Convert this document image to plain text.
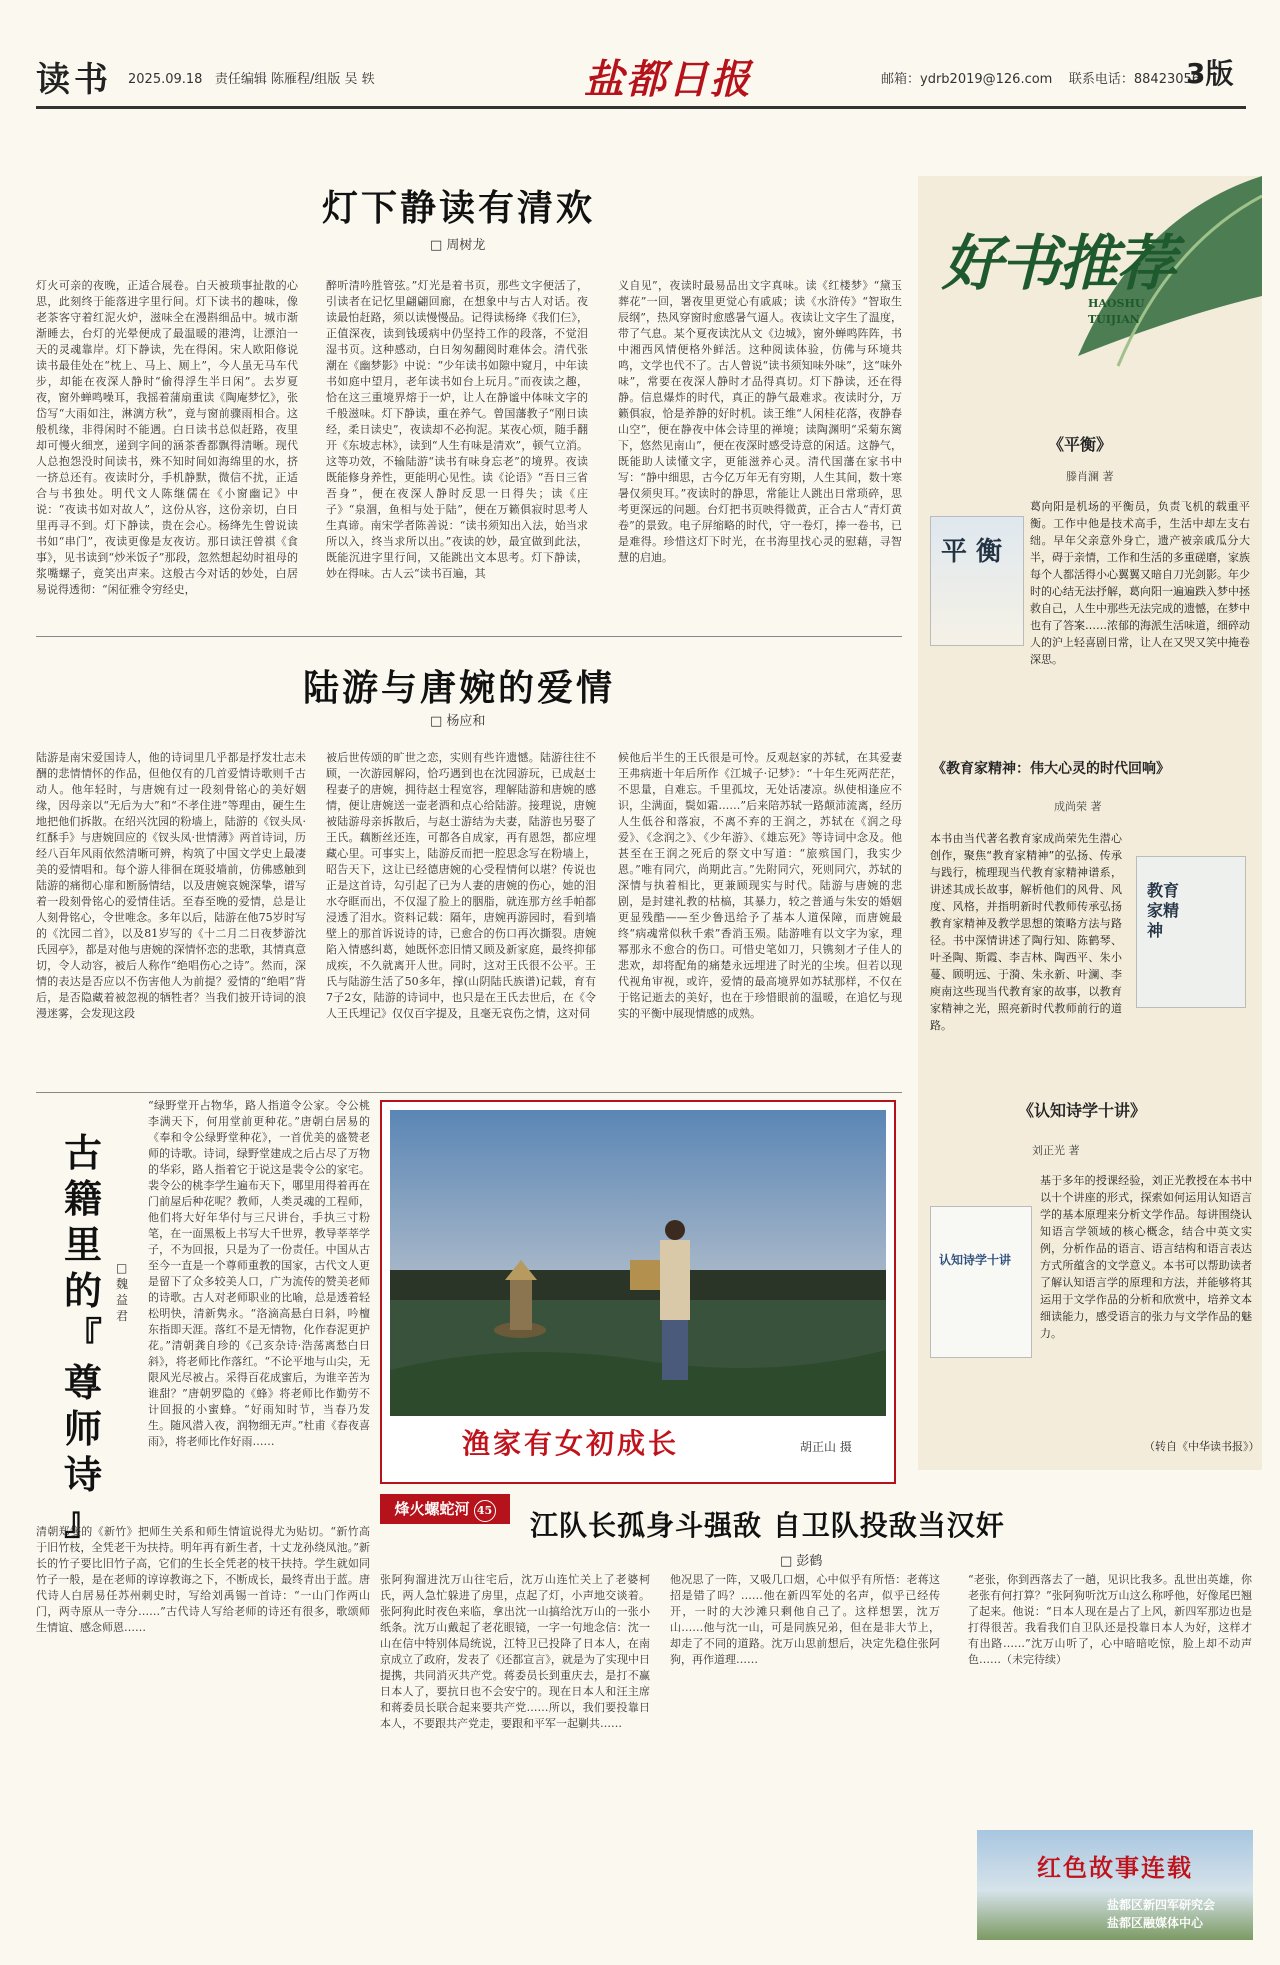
读书 2025.09.18 责任编辑 陈雁程/组版 吴 轶	盐都日报	邮箱：ydrb2019@126.com 联系电话：88423056
3版
灯下静读有清欢
□ 周树龙
灯火可亲的夜晚，正适合展卷。白天被琐事扯散的心思，此刻终于能落进字里行间。灯下读书的趣味，像老茶客守着红泥火炉，滋味全在漫斟细品中。城市渐渐睡去，台灯的光晕便成了最温暖的港湾，让漂泊一天的灵魂靠岸。灯下静读，先在得闲。宋人欧阳修说读书最佳处在“枕上、马上、厕上”，今人虽无马车代步，却能在夜深人静时“偷得浮生半日闲”。去岁夏夜，窗外蝉鸣噪耳，我摇着蒲扇重读《陶庵梦忆》，张岱写“大雨如注，淋漓方秋”，竟与窗前骤雨相合。这般机缘，非得闲时不能遇。白日读书总似赶路，夜里却可慢火细烹，递到字间的涵茶香都飘得清晰。现代人总抱怨没时间读书，殊不知时间如海绵里的水，挤一挤总还有。夜读时分，手机静默，微信不扰，正适合与书独处。明代文人陈继儒在《小窗幽记》中说：“夜读书如对故人”，这份从容，这份亲切，白日里再寻不到。灯下静读，贵在会心。杨绛先生曾说读书如“串门”，夜读更像是友夜访。那日读汪曾祺《食事》，见书读到“炒米饭子”那段，忽然想起幼时祖母的浆嘴螺子，竟笑出声来。这般古今对话的妙处，白居易说得透彻：“闲征雅令穷经史，
醉听清吟胜管弦。”灯光是着书页，那些文字便活了，引读者在记忆里翩翩回廊，在想象中与古人对话。夜读最怕赶路，须以读慢慢品。记得读杨绛《我们仨》，正值深夜，读到钱瑗病中仍坚持工作的段落，不觉泪湿书页。这种感动，白日匆匆翻阅时难体会。清代张潮在《幽梦影》中说：“少年读书如隙中窥月，中年读书如庭中望月，老年读书如台上玩月。”而夜读之趣，恰在这三重境界熔于一炉，让人在静谧中体味文字的千般滋味。灯下静读，重在养气。曾国藩教子“刚日读经，柔日读史”，夜读却不必拘泥。某夜心烦，随手翻开《东坡志林》，读到“人生有味是清欢”，顿气立消。这等功效，不输陆游“读书有味身忘老”的境界。夜读既能修身养性，更能明心见性。读《论语》“吾日三省吾身”，便在夜深人静时反思一日得失；读《庄子》“泉涸，鱼相与处于陆”，便在万籁俱寂时思考人生真谛。南宋学者陈善说：“读书须知出入法，始当求所以入，终当求所以出。”夜读的妙，最宜做到此法，既能沉进字里行间，又能跳出文本思考。灯下静读，妙在得味。古人云“读书百遍，其
义自见”，夜读时最易品出文字真味。读《红楼梦》“黛玉葬花”一回，署夜里更觉心有戚戚；读《水浒传》“智取生辰纲”，热风穿窗时愈感暑气逼人。夜读让文字生了温度，带了气息。某个夏夜读沈从文《边城》，窗外蝉鸣阵阵，书中湘西风情便格外鲜活。这种阅读体验，仿佛与环境共鸣，文学也代不了。古人曾说“读书须知味外味”，这“味外味”，常要在夜深人静时才品得真切。灯下静读，还在得静。信息爆炸的时代，真正的静气最难求。夜读时分，万籁俱寂，恰是养静的好时机。读王维“人闲桂花落，夜静春山空”，便在静夜中体会诗里的禅境；读陶渊明“采菊东篱下，悠然见南山”，便在夜深时感受诗意的闲适。这静气，既能助人读懂文字，更能滋养心灵。清代国藩在家书中写：“静中细思，古今亿万年无有穷期，人生其间，数十寒暑仅须臾耳。”夜读时的静思，常能让人跳出日常琐碎，思考更深远的问题。台灯把书页映得微黄，正合古人“青灯黄卷”的景致。电子屏缩略的时代，守一卷灯，捧一卷书，已是难得。珍惜这灯下时光，在书海里找心灵的慰藉，寻智慧的启迪。
陆游与唐婉的爱情
□ 杨应和
陆游是南宋爱国诗人，他的诗词里几乎都是抒发壮志未酬的悲情情怀的作品，但他仅有的几首爱情诗歌则千古动人。他年轻时，与唐婉有过一段刻骨铭心的美好姻缘，因母亲以“无后为大”和“不孝住进”等理由，硬生生地把他们拆散。在绍兴沈园的粉墙上，陆游的《钗头凤·红酥手》与唐婉回应的《钗头凤·世情薄》两首诗词，历经八百年风雨依然清晰可辨，构筑了中国文学史上最凄美的爱情唱和。每个游人徘徊在斑驳墙前，仿佛感触到陆游的痛彻心扉和断肠情结，以及唐婉哀婉深挚，谱写着一段刻骨铭心的爱情佳话。至春至晚的爱情，总是让人刻骨铭心，令世唯念。多年以后，陆游在他75岁时写的《沈园二首》，以及81岁写的《十二月二日夜梦游沈氏园亭》，都是对他与唐婉的深情怀恋的悲歌，其情真意切，令人动容，被后人称作“绝唱伤心之诗”。然而，深情的表达是否应以不伤害他人为前提？爱情的“绝唱”背后，是否隐藏着被忽视的牺牲者？当我们披开诗词的浪漫迷雾，会发现这段
被后世传颂的旷世之恋，实则有些许遗憾。陆游往往不顾，一次游园解闷，恰巧遇到也在沈园游玩，已成赵士程妻子的唐婉，拥待赵士程宽容，理解陆游和唐婉的感情，便让唐婉送一壶老酒和点心给陆游。接理说，唐婉被陆游母亲拆散后，与赵士游结为夫妻，陆游也另娶了王氏。藕断丝还连，可都各自成家，再有恩怨，都应埋藏心里。可事实上，陆游反而把一腔思念写在粉墙上，昭告天下，这让已经德唐婉的心受程情何以堪？传说也正是这首诗，勾引起了已为人妻的唐婉的伤心，她的泪水夺眶而出，不仅湿了脸上的胭脂，就连那方丝手帕都浸透了泪水。资料记载：隔年，唐婉再游园时，看到墙壁上的那首诉说诗的诗，已愈合的伤口再次撕裂。唐婉陷入情感纠葛，她既怀恋旧情又顾及新家庭，最终抑郁成疾，不久就离开人世。同时，这对王氏很不公平。王氏与陆游生活了50多年，撑(山阴陆氏族谱)记载，育有7子2女，陆游的诗词中，也只是在王氏去世后，在《令人王氏埋记》仅仅百字提及，且毫无哀伤之情，这对伺
候他后半生的王氏很是可怜。反观赵家的苏轼，在其爱妻王弗病逝十年后所作《江城子·记梦》：“十年生死两茫茫，不思量，自难忘。千里孤坟，无处话凄凉。纵使相逢应不识，尘满面，鬓如霜……”后来陪苏轼一路颠沛流离，经历人生低谷和落寂，不离不弃的王润之，苏轼在《润之母爱》、《念润之》、《少年游》、《雄忘死》等诗词中念及。他甚至在王润之死后的祭文中写道：“旅殡国门，我实少恩。”唯有同穴，尚期此言。”先附同穴，死则同穴，苏轼的深情与执着相比，更兼顾现实与时代。陆游与唐婉的悲剧，是封建礼教的枯槁，其暴力，较之普通与朱安的婚姻更显残酷——至少鲁迅给予了基本人道保障，而唐婉最终“病魂常似秋千索”香消玉殒。陆游唯有以文字为家，理幂那永不愈合的伤口。可惜史笔如刀，只镌刻才子佳人的悲欢，却将配角的痛楚永远埋进了时光的尘埃。但若以现代视角审视，或许，爱情的最高境界如苏轼那样，不仅在于铭记逝去的美好，也在于珍惜眼前的温暖，在追忆与现实的平衡中展现情感的成熟。
古
籍
里
的
『
尊
师
诗
』
□ 魏益君
“绿野堂开占物华，路人指道令公家。令公桃李满天下，何用堂前更种花。”唐朝白居易的《奉和令公绿野堂种花》，一首优美的盛赞老师的诗歌。诗词，绿野堂建成之后占尽了万物的华彩，路人指着它于说这是裴令公的家宅。裴令公的桃李学生遍布天下，哪里用得着再在门前屋后种花呢？教师，人类灵魂的工程师，他们将大好年华付与三尺讲台，手执三寸粉笔，在一面黑板上书写大千世界，教导莘莘学子，不为回报，只是为了一份责任。中国从古至今一直是一个尊师重教的国家，古代文人更是留下了众多较美人口，广为流传的赞美老师的诗歌。古人对老师职业的比喻，总是透着轻松明快，清新隽永。“洛滴高悬白日斜，吟檀东指即天涯。落红不是无情物，化作春泥更护花。”清朝龚自珍的《己亥杂诗·浩荡离愁白日斜》，将老师比作落红。“不论平地与山尖，无限风光尽被占。采得百花成蜜后，为谁辛苦为谁甜？”唐朝罗隐的《蜂》将老师比作勤劳不计回报的小蜜蜂。“好雨知时节，当春乃发生。随风潜入夜，润物细无声。”杜甫《春夜喜雨》，将老师比作好雨……
清朝郑燮的《新竹》把师生关系和师生情谊说得尤为贴切。“新竹高于旧竹枝，全凭老干为扶持。明年再有新生者，十丈龙孙绕凤池。”新长的竹子要比旧竹子高，它们的生长全凭老的枝干扶持。学生就如同竹子一般，是在老师的谆谆教诲之下，不断成长，最终青出于蓝。唐代诗人白居易任苏州刺史时，写给刘禹锡一首诗：“一山门作两山门，两寺原从一寺分……”古代诗人写给老师的诗还有很多，歌颂师生情谊、感念师恩……
渔家有女初成长	胡正山 摄
烽火螺蛇河 45	江队长孤身斗强敌 自卫队投敌当汉奸
□ 彭鹤
张阿狗溜进沈万山往宅后，沈万山连忙关上了老婆柯氏，两人急忙躲进了房里，点起了灯，小声地交谈着。张阿狗此时夜色来临，拿出沈一山搞给沈万山的一张小纸条。沈万山戴起了老花眼镜，一字一句地念信：沈一山在信中特别体局统说，江特卫已投降了日本人，在南京成立了政府，发表了《还都宣言》，就是为了实现中日提携，共同消灭共产党。蒋委员长到重庆去，是打不赢日本人了，要抗日也不会安宁的。现在日本人和汪主席和蒋委员长联合起来要共产党……所以，我们要投靠日本人，不要跟共产党走，要跟和平军一起剿共……
他况思了一阵，又吸几口烟，心中似乎有所悟：老蒋这招是错了吗？……他在新四军处的名声，似乎已经传开，一时的大沙滩只剩他自己了。这样想罢，沈万山……他与沈一山，可是同族兄弟，但在是非大节上，却走了不同的道路。沈万山思前想后，决定先稳住张阿狗，再作道理……
“老张，你到西落去了一趟，见识比我多。乱世出英雄，你老张有何打算？”张阿狗听沈万山这么称呼他，好像尾巴翘了起来。他说：“日本人现在是占了上风，新四军那边也是打得很苦。我看我们自卫队还是投靠日本人为好，这样才有出路……”沈万山听了，心中暗暗吃惊，脸上却不动声色……（未完待续）
好书推荐
HAOSHU TUIJIAN
《平衡》
滕肖澜 著
平 衡
葛向阳是机场的平衡员，负责飞机的载重平衡。工作中他是技术高手，生活中却左支右绌。早年父亲意外身亡，遗产被亲戚瓜分大半，碍于亲情，工作和生活的多重磋磨，家族每个人都活得小心翼翼又暗自刀光剑影。年少时的心结无法抒解，葛向阳一遍遍跌入梦中拯救自己，人生中那些无法完成的遗憾，在梦中也有了答案……浓郁的海派生活味道，细碎动人的沪上轻喜剧日常，让人在又哭又笑中掩卷深思。
《教育家精神：伟大心灵的时代回响》
成尚荣 著
本书由当代著名教育家成尚荣先生潜心创作，聚焦“教育家精神”的弘扬、传承与践行，梳理现当代教育家精神谱系，讲述其成长故事，解析他们的风骨、风度、风格，并指明新时代教师传承弘扬教育家精神及教学思想的策略方法与路径。书中深情讲述了陶行知、陈鹤琴、叶圣陶、斯霞、李吉林、陶西平、朱小蔓、顾明远、于漪、朱永新、叶澜、李庾南这些现当代教育家的故事，以教育家精神之光，照亮新时代教师前行的道路。
教育家精神
《认知诗学十讲》
刘正光 著
认知诗学十讲
基于多年的授课经验，刘正光教授在本书中以十个讲座的形式，探索如何运用认知语言学的基本原理来分析文学作品。每讲围绕认知语言学领域的核心概念，结合中英文实例，分析作品的语言、语言结构和语言表达方式所蕴含的文学意义。本书可以帮助读者了解认知语言学的原理和方法，并能够将其运用于文学作品的分析和欣赏中，培养文本细读能力，感受语言的张力与文学作品的魅力。
（转自《中华读书报》）
红色故事连载
盐都区新四军研究会
盐都区融媒体中心
